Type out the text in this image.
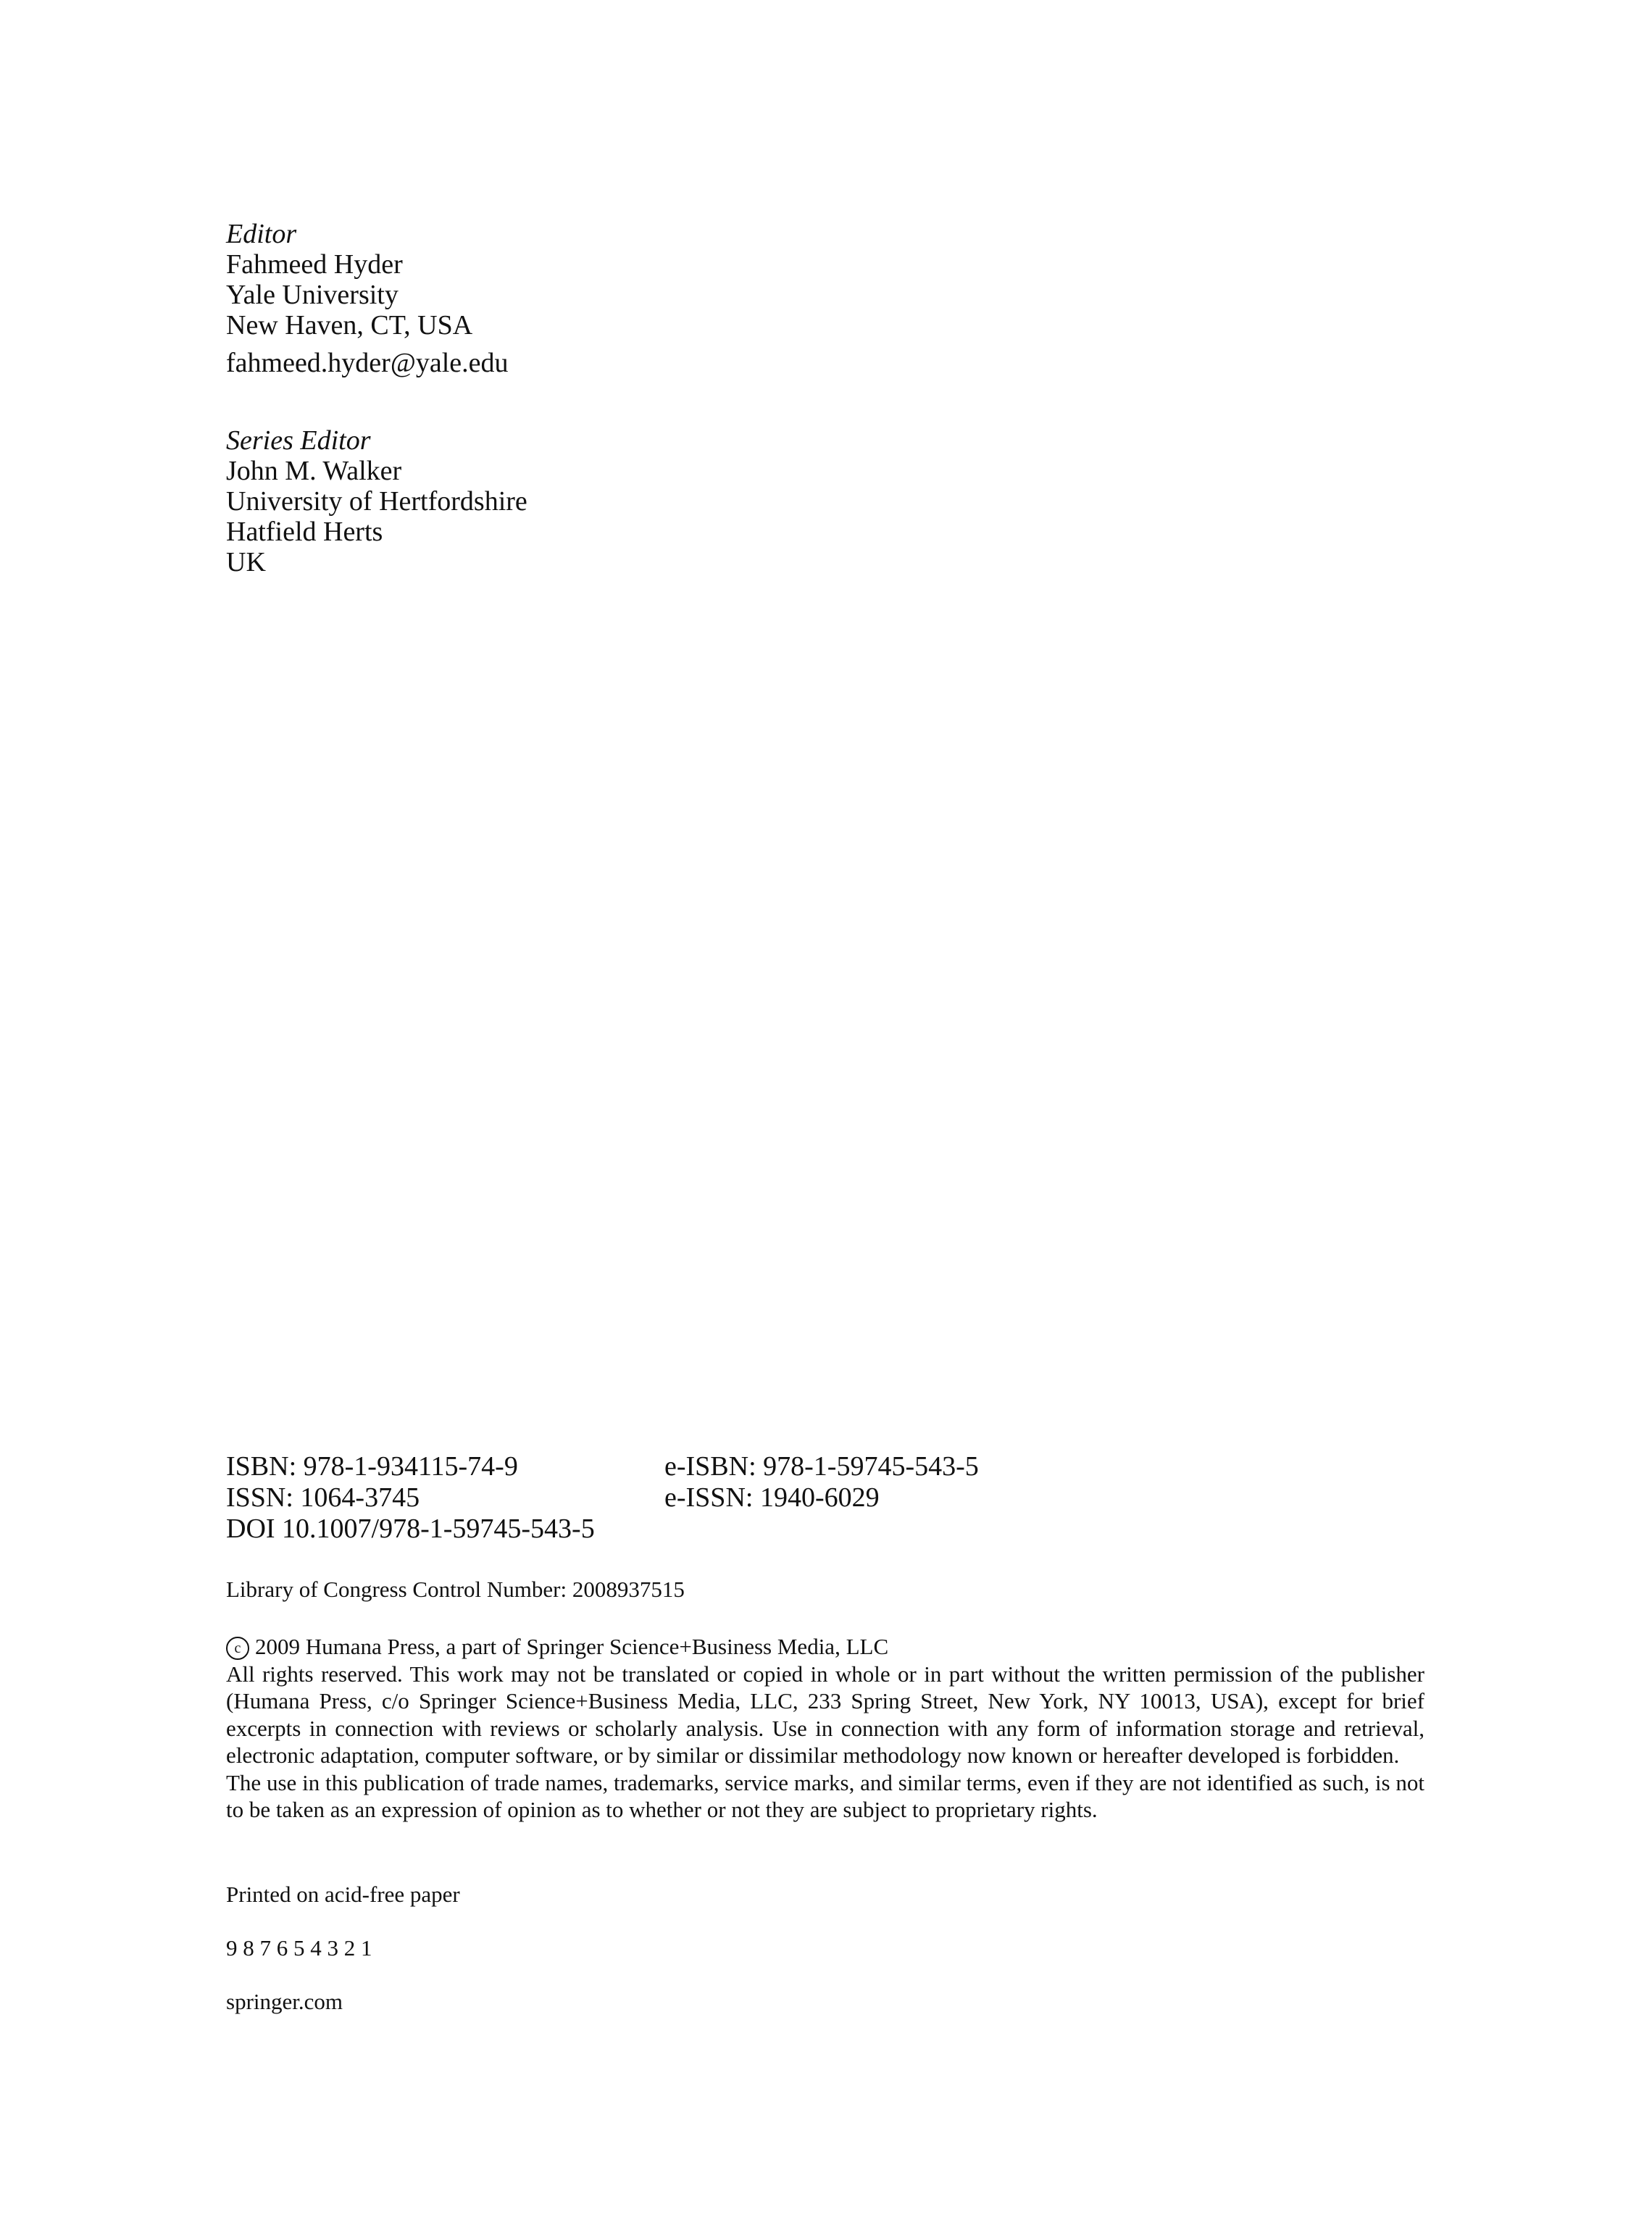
Editor
Fahmeed Hyder
Yale University
New Haven, CT, USA
fahmeed.hyder@yale.edu
Series Editor
John M. Walker
University of Hertfordshire
Hatfield Herts
UK
ISBN: 978-1-934115-74-9	e-ISBN: 978-1-59745-543-5
ISSN: 1064-3745	e-ISSN: 1940-6029
DOI 10.1007/978-1-59745-543-5
Library of Congress Control Number: 2008937515

c 2009 Humana Press, a part of Springer Science+Business Media, LLC

All rights reserved. This work may not be translated or copied in whole or in part without the written permission of the publisher (Humana Press, c/o Springer Science+Business Media, LLC, 233 Spring Street, New York, NY 10013, USA), except for brief excerpts in connection with reviews or scholarly analysis. Use in connection with any form of information storage and retrieval, electronic adaptation, computer software, or by similar or dissimilar methodology now known or hereafter developed is forbidden.

The use in this publication of trade names, trademarks, service marks, and similar terms, even if they are not identified as such, is not to be taken as an expression of opinion as to whether or not they are subject to proprietary rights.

Printed on acid-free paper
9 8 7 6 5 4 3 2 1
springer.com
